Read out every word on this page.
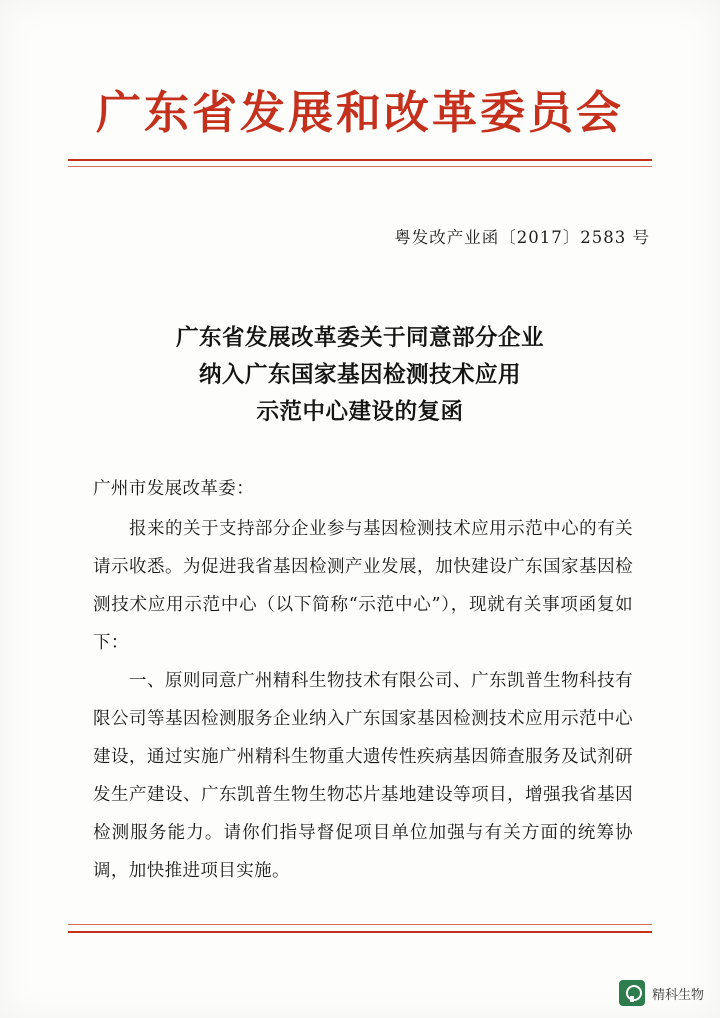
广东省发展和改革委员会
粤发改产业函〔2017〕2583 号
广东省发展改革委关于同意部分企业
纳入广东国家基因检测技术应用
示范中心建设的复函

广州市发展改革委：

报来的关于支持部分企业参与基因检测技术应用示范中心的有关请示收悉。为促进我省基因检测产业发展，加快建设广东国家基因检测技术应用示范中心（以下简称“示范中心”），现就有关事项函复如下：

一、原则同意广州精科生物技术有限公司、广东凯普生物科技有限公司等基因检测服务企业纳入广东国家基因检测技术应用示范中心建设，通过实施广州精科生物重大遗传性疾病基因筛查服务及试剂研发生产建设、广东凯普生物生物芯片基地建设等项目，增强我省基因检测服务能力。请你们指导督促项目单位加强与有关方面的统筹协调，加快推进项目实施。

精科生物
